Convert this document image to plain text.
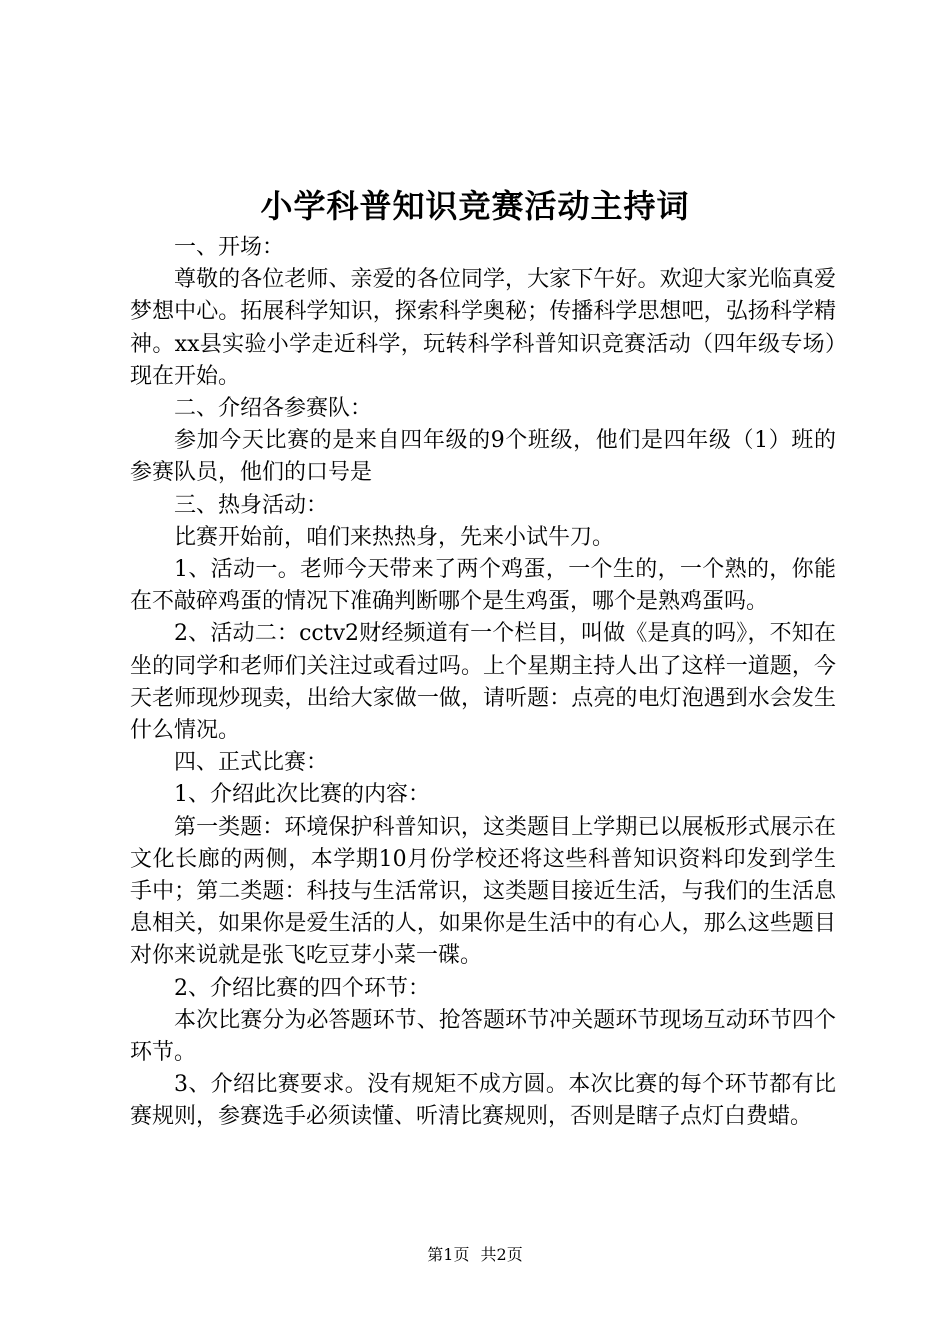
小学科普知识竞赛活动主持词

一、开场：

尊敬的各位老师、亲爱的各位同学，大家下午好。欢迎大家光临真爱梦想中心。拓展科学知识，探索科学奥秘；传播科学思想吧，弘扬科学精神。xx县实验小学走近科学，玩转科学科普知识竞赛活动（四年级专场）现在开始。

二、介绍各参赛队：

参加今天比赛的是来自四年级的9个班级，他们是四年级（1）班的参赛队员，他们的口号是

三、热身活动：

比赛开始前，咱们来热热身，先来小试牛刀。

1、活动一。老师今天带来了两个鸡蛋，一个生的，一个熟的，你能在不敲碎鸡蛋的情况下准确判断哪个是生鸡蛋，哪个是熟鸡蛋吗。

2、活动二：cctv2财经频道有一个栏目，叫做《是真的吗》，不知在坐的同学和老师们关注过或看过吗。上个星期主持人出了这样一道题，今天老师现炒现卖，出给大家做一做，请听题：点亮的电灯泡遇到水会发生什么情况。

四、正式比赛：

1、介绍此次比赛的内容：

第一类题：环境保护科普知识，这类题目上学期已以展板形式展示在文化长廊的两侧，本学期10月份学校还将这些科普知识资料印发到学生手中；第二类题：科技与生活常识，这类题目接近生活，与我们的生活息息相关，如果你是爱生活的人，如果你是生活中的有心人，那么这些题目对你来说就是张飞吃豆芽小菜一碟。

2、介绍比赛的四个环节：

本次比赛分为必答题环节、抢答题环节冲关题环节现场互动环节四个环节。

3、介绍比赛要求。没有规矩不成方圆。本次比赛的每个环节都有比赛规则，参赛选手必须读懂、听清比赛规则，否则是瞎子点灯白费蜡。

第1页 共2页
